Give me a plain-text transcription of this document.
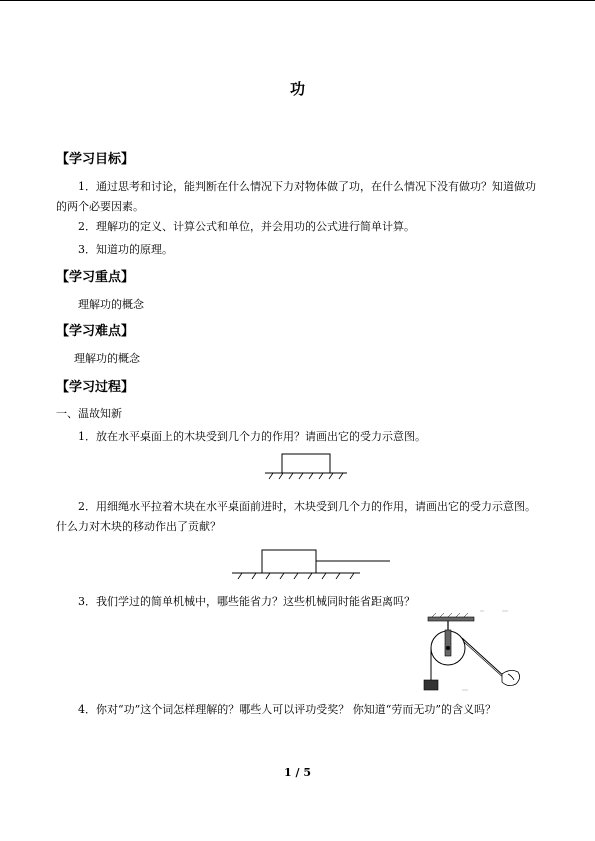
功
【学习目标】
1．通过思考和讨论，能判断在什么情况下力对物体做了功，在什么情况下没有做功？知道做功的两个必要因素。
2．理解功的定义、计算公式和单位，并会用功的公式进行简单计算。
3．知道功的原理。
【学习重点】
理解功的概念
【学习难点】
理解功的概念
【学习过程】
一、温故知新
1．放在水平桌面上的木块受到几个力的作用？请画出它的受力示意图。
2．用细绳水平拉着木块在水平桌面前进时，木块受到几个力的作用，请画出它的受力示意图。什么力对木块的移动作出了贡献？
3．我们学过的简单机械中，哪些能省力？这些机械同时能省距离吗？
4．你对“功”这个词怎样理解的？哪些人可以评功受奖？ 你知道“劳而无功”的含义吗？
1 / 5
